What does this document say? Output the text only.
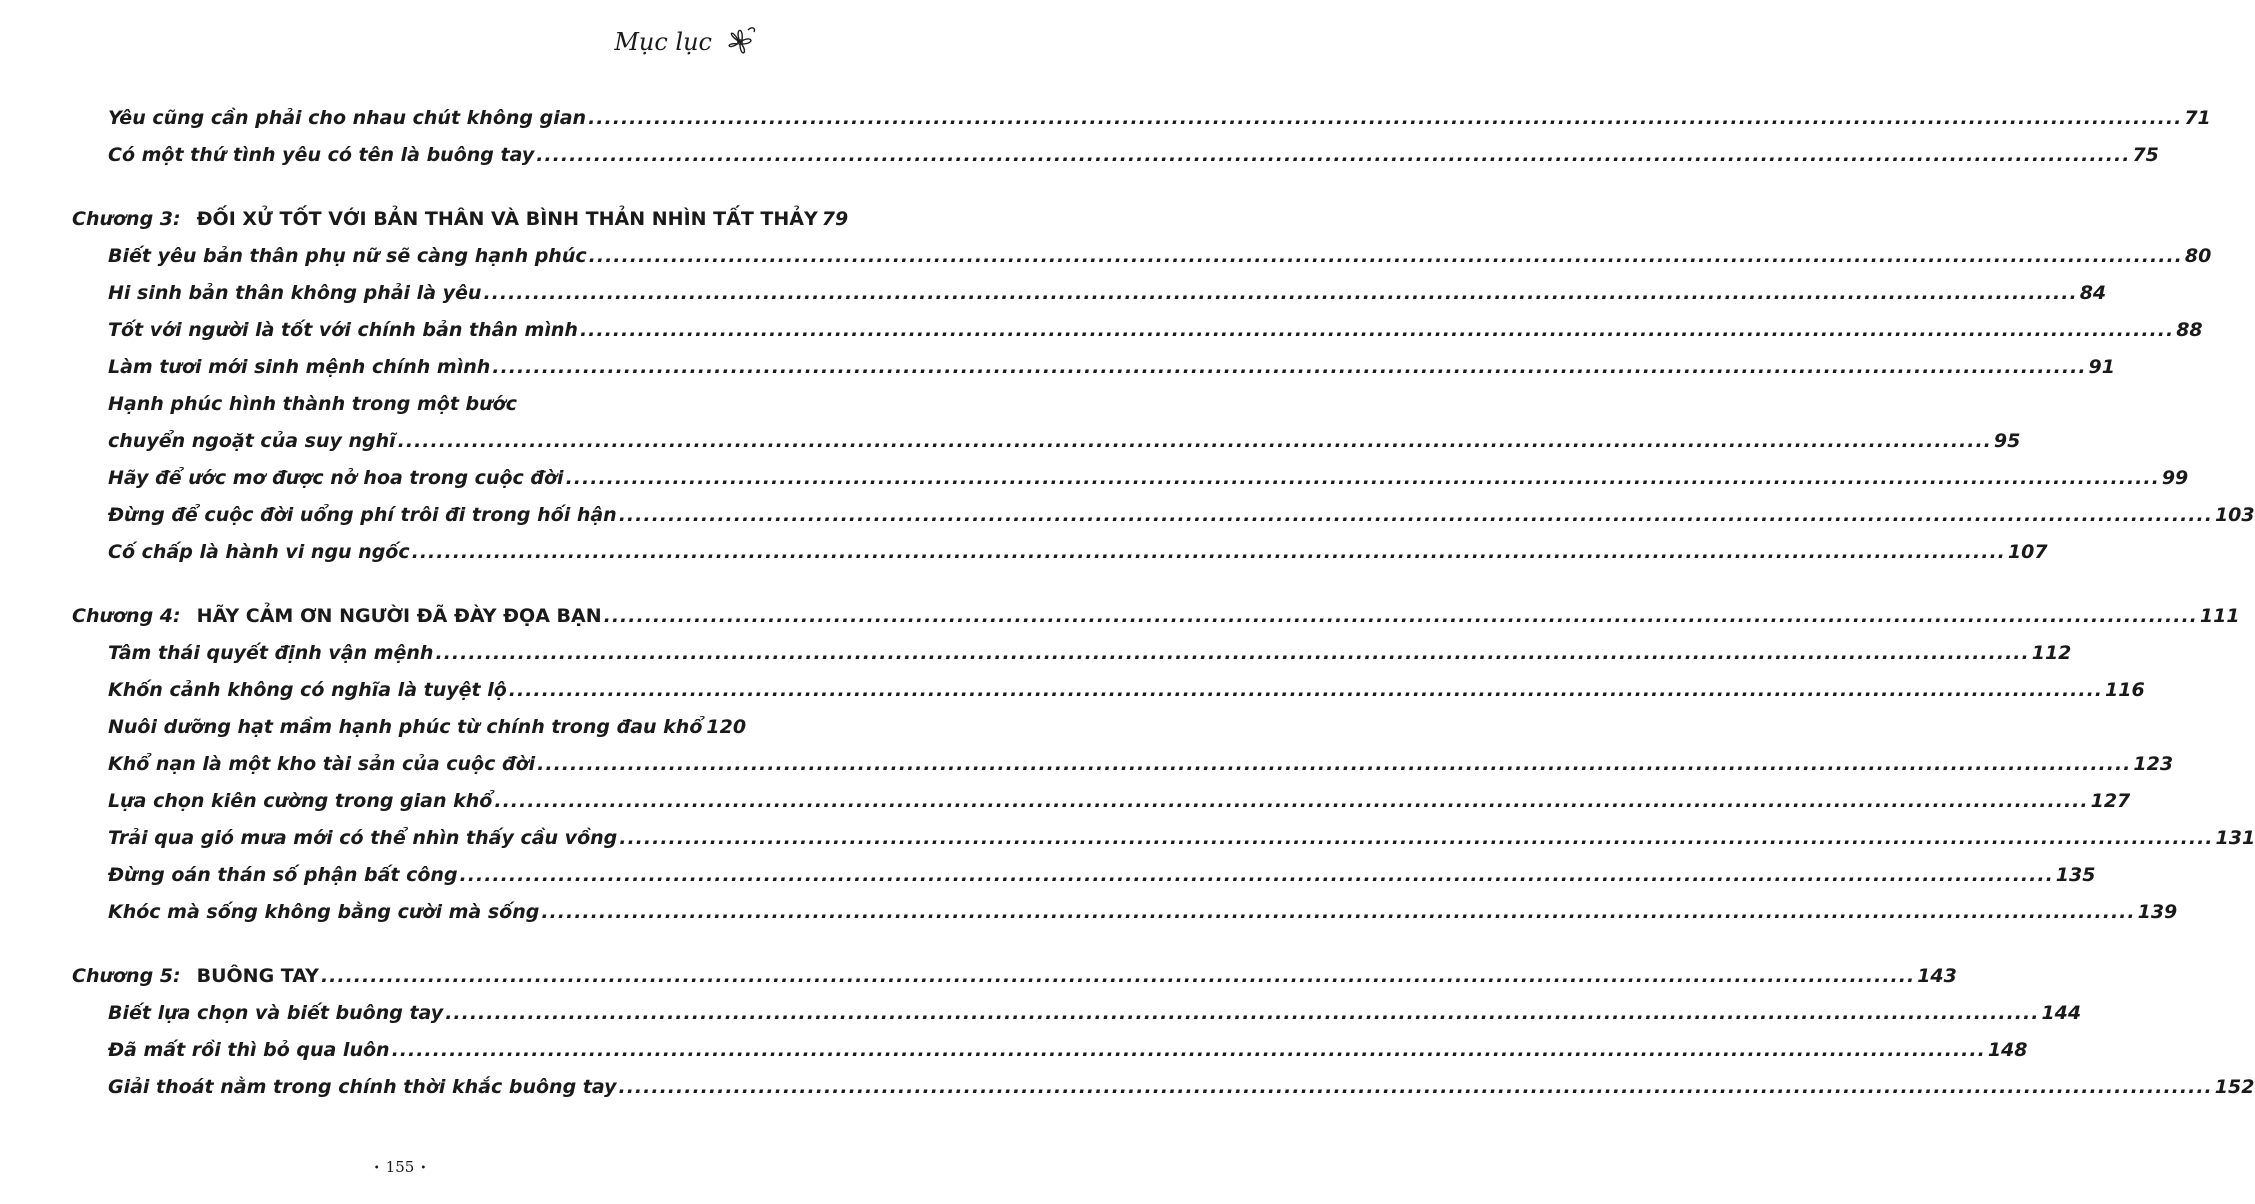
Mục lục
Yêu cũng cần phải cho nhau chút không gian .....	71
Có một thứ tình yêu có tên là buông tay .....	75
Chương 3: ĐỐI XỬ TỐT VỚI BẢN THÂN VÀ BÌNH THẢN NHÌN TẤT THẢY 79
Biết yêu bản thân phụ nữ sẽ càng hạnh phúc .....	80
Hi sinh bản thân không phải là yêu .....	84
Tốt với người là tốt với chính bản thân mình .....	88
Làm tươi mới sinh mệnh chính mình .....	91
Hạnh phúc hình thành trong một bước
chuyển ngoặt của suy nghĩ .....	95
Hãy để ước mơ được nở hoa trong cuộc đời .....	99
Đừng để cuộc đời uổng phí trôi đi trong hối hận .....	103
Cố chấp là hành vi ngu ngốc .....	107
Chương 4: HÃY CẢM ƠN NGƯỜI ĐÃ ĐÀY ĐỌA BẠN .....	111
Tâm thái quyết định vận mệnh .....	112
Khốn cảnh không có nghĩa là tuyệt lộ .....	116
Nuôi dưỡng hạt mầm hạnh phúc từ chính trong đau khổ 120
Khổ nạn là một kho tài sản của cuộc đời .....	123
Lựa chọn kiên cường trong gian khổ .....	127
Trải qua gió mưa mới có thể nhìn thấy cầu vồng .....	131
Đừng oán thán số phận bất công .....	135
Khóc mà sống không bằng cười mà sống .....	139
Chương 5: BUÔNG TAY .....	143
Biết lựa chọn và biết buông tay .....	144
Đã mất rồi thì bỏ qua luôn .....	148
Giải thoát nằm trong chính thời khắc buông tay .....	152
• 155 •
